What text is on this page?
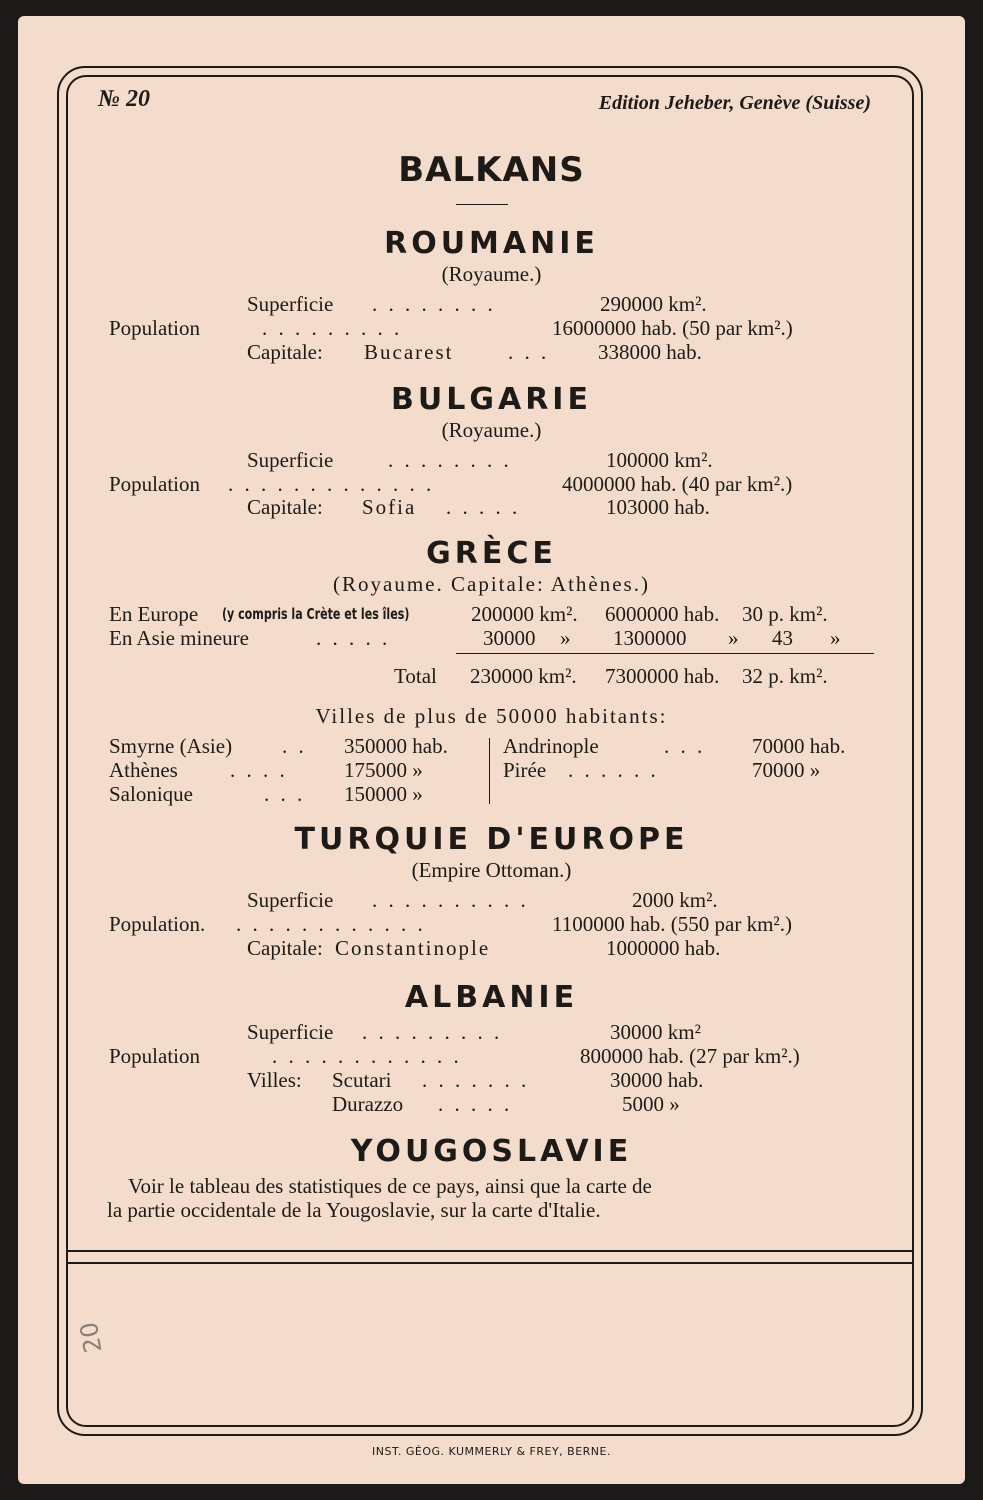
№ 20	Edition Jeheber, Genève (Suisse)
BALKANS
ROUMANIE
(Royaume.)
Superficie . . . . . . . .	290000 km².
Population	. . . . . . . . .	16000000 hab. (50 par km².)
Capitale: Bucarest	. . . 338000 hab.
BULGARIE
(Royaume.)
Superficie	. . . . . . . .	100000 km².
Population . . . . . . . . . . . . .	4000000 hab. (40 par km².)
Capitale: Sofia . . . . .	103000 hab.
GRÈCE
(Royaume. Capitale: Athènes.)
En Europe (y compris la Crète et les îles)	200000 km². 6000000 hab. 30 p. km².
En Asie mineure	. . . . .	30000 » 1300000 » 43 »
Total 230000 km². 7300000 hab. 32 p. km².
Villes de plus de 50000 habitants:
Smyrne (Asie) . . 350000 hab.
Athènes . . . .	175000 »
Salonique	. . . 150000 »
Andrinople	. . . 70000 hab.
Pirée . . . . . .	70000 »
TURQUIE D'EUROPE
(Empire Ottoman.)
Superficie . . . . . . . . . .	2000 km².
Population. . . . . . . . . . . . .	1100000 hab. (550 par km².)
Capitale: Constantinople	1000000 hab.
ALBANIE
Superficie . . . . . . . . .	30000 km²
Population	. . . . . . . . . . . .	800000 hab. (27 par km².)
Villes: Scutari . . . . . . .	30000 hab.
Durazzo . . . . .	5000 »
YOUGOSLAVIE
Voir le tableau des statistiques de ce pays, ainsi que la carte de
la partie occidentale de la Yougoslavie, sur la carte d'Italie.
20
INST. GÉOG. KUMMERLY & FREY, BERNE.
